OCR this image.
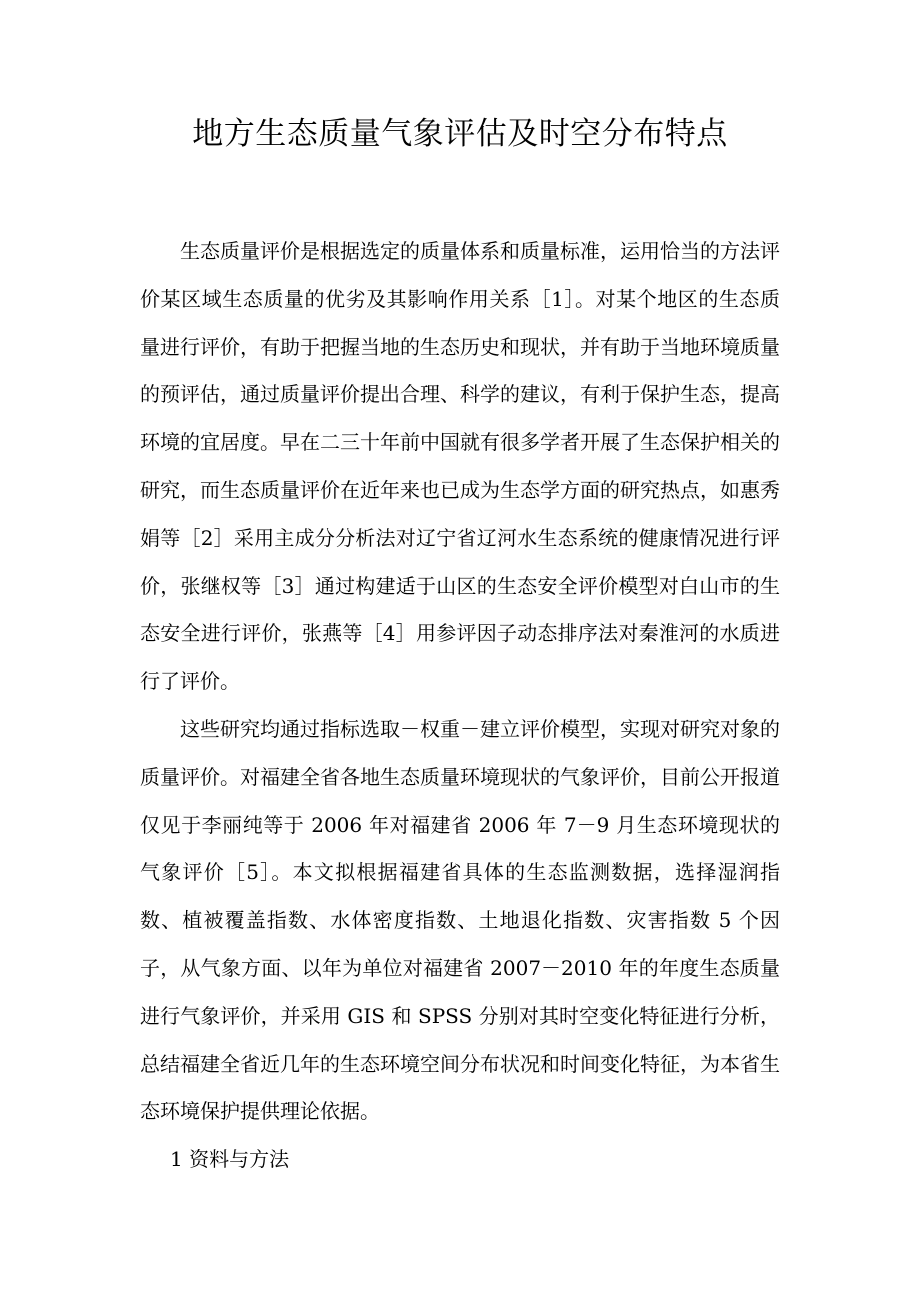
地方生态质量气象评估及时空分布特点

生态质量评价是根据选定的质量体系和质量标准，运用恰当的方法评价某区域生态质量的优劣及其影响作用关系［1］。对某个地区的生态质量进行评价，有助于把握当地的生态历史和现状，并有助于当地环境质量的预评估，通过质量评价提出合理、科学的建议，有利于保护生态，提高环境的宜居度。早在二三十年前中国就有很多学者开展了生态保护相关的研究，而生态质量评价在近年来也已成为生态学方面的研究热点，如惠秀娟等［2］采用主成分分析法对辽宁省辽河水生态系统的健康情况进行评价，张继权等［3］通过构建适于山区的生态安全评价模型对白山市的生态安全进行评价，张燕等［4］用参评因子动态排序法对秦淮河的水质进行了评价。

这些研究均通过指标选取－权重－建立评价模型，实现对研究对象的质量评价。对福建全省各地生态质量环境现状的气象评价，目前公开报道仅见于李丽纯等于 2006 年对福建省 2006 年 7－9 月生态环境现状的气象评价［5］。本文拟根据福建省具体的生态监测数据，选择湿润指数、植被覆盖指数、水体密度指数、土地退化指数、灾害指数 5 个因子，从气象方面、以年为单位对福建省 2007－2010 年的年度生态质量进行气象评价，并采用 GIS 和 SPSS 分别对其时空变化特征进行分析，总结福建全省近几年的生态环境空间分布状况和时间变化特征，为本省生态环境保护提供理论依据。

1 资料与方法
